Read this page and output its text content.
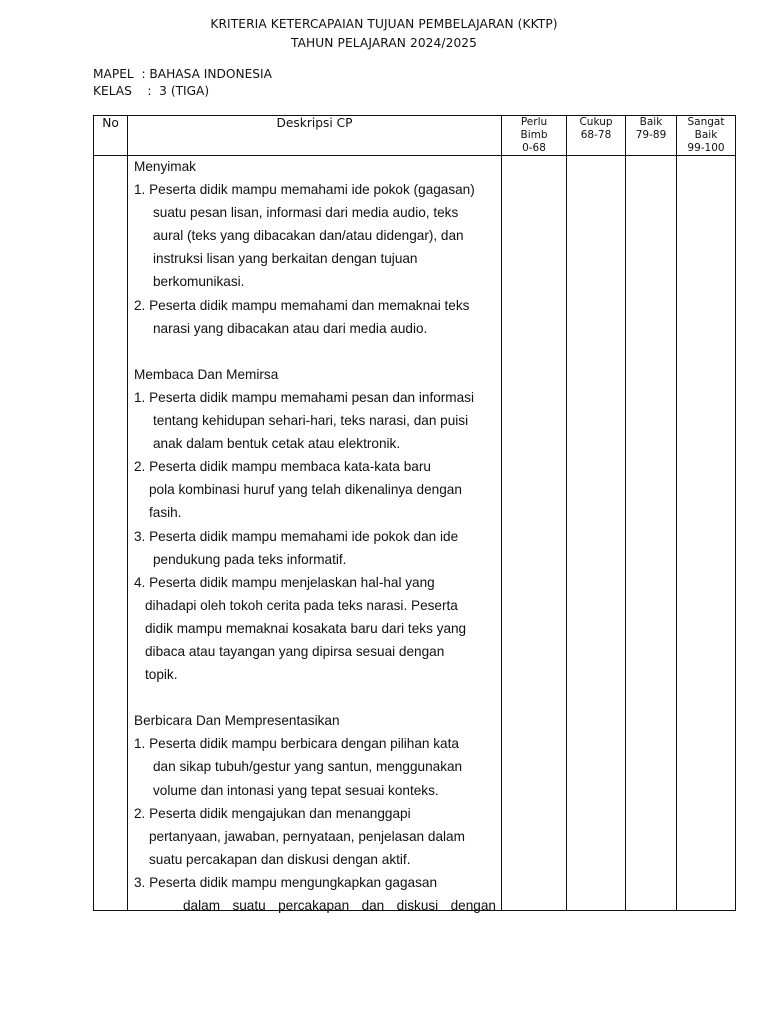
KRITERIA KETERCAPAIAN TUJUAN PEMBELAJARAN (KKTP)
TAHUN PELAJARAN 2024/2025
MAPEL  : BAHASA INDONESIA
KELAS    :  3 (TIGA)
No	Deskripsi CP	Perlu
Bimb
0-68
Cukup
68-78
Baik
79-89
Sangat
Baik
99-100
Menyimak
1. Peserta didik mampu memahami ide pokok (gagasan)
suatu pesan lisan, informasi dari media audio, teks
aural (teks yang dibacakan dan/atau didengar), dan
instruksi lisan yang berkaitan dengan tujuan
berkomunikasi.
2. Peserta didik mampu memahami dan memaknai teks
narasi yang dibacakan atau dari media audio.
Membaca Dan Memirsa
1. Peserta didik mampu memahami pesan dan informasi
tentang kehidupan sehari-hari, teks narasi, dan puisi
anak dalam bentuk cetak atau elektronik.
2. Peserta didik mampu membaca kata-kata baru
pola kombinasi huruf yang telah dikenalinya dengan
fasih.
3. Peserta didik mampu memahami ide pokok dan ide
pendukung pada teks informatif.
4. Peserta didik mampu menjelaskan hal-hal yang
dihadapi oleh tokoh cerita pada teks narasi. Peserta
didik mampu memaknai kosakata baru dari teks yang
dibaca atau tayangan yang dipirsa sesuai dengan
topik.
Berbicara Dan Mempresentasikan
1. Peserta didik mampu berbicara dengan pilihan kata
dan sikap tubuh/gestur yang santun, menggunakan
volume dan intonasi yang tepat sesuai konteks.
2. Peserta didik mengajukan dan menanggapi
pertanyaan, jawaban, pernyataan, penjelasan dalam
suatu percakapan dan diskusi dengan aktif.
3. Peserta didik mampu mengungkapkan gagasan
dalam suatu percakapan dan diskusi dengan
